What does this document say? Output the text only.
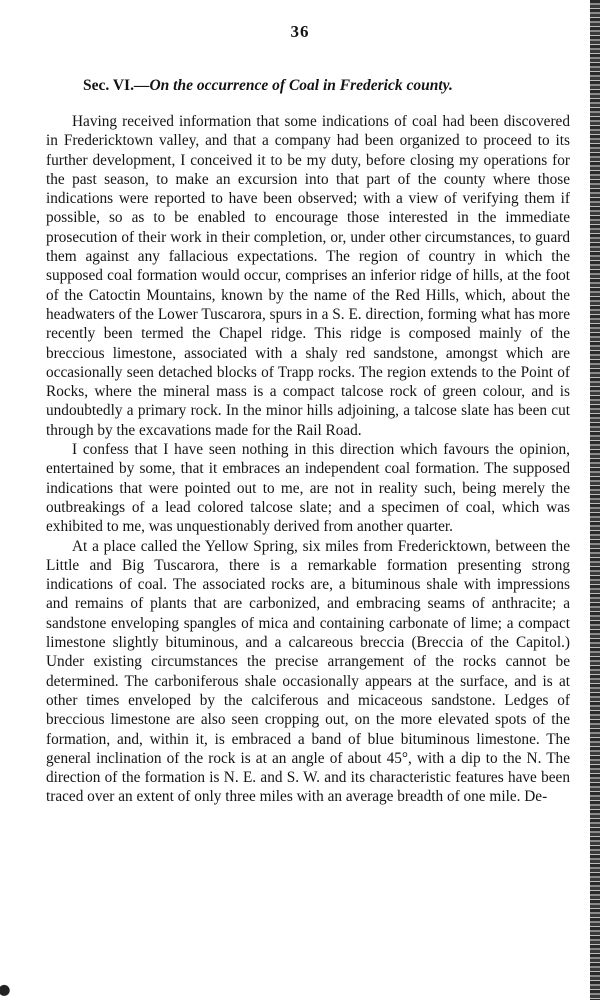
36
Sec. VI.—On the occurrence of Coal in Frederick county.

Having received information that some indications of coal had been discovered in Fredericktown valley, and that a company had been organized to proceed to its further development, I conceived it to be my duty, before closing my operations for the past season, to make an excursion into that part of the county where those indications were reported to have been observed; with a view of verifying them if possible, so as to be enabled to encourage those interested in the immediate prosecution of their work in their completion, or, under other circumstances, to guard them against any fallacious expectations. The region of country in which the supposed coal formation would occur, comprises an inferior ridge of hills, at the foot of the Catoctin Mountains, known by the name of the Red Hills, which, about the headwaters of the Lower Tuscarora, spurs in a S. E. direction, forming what has more recently been termed the Chapel ridge. This ridge is composed mainly of the breccious limestone, associated with a shaly red sandstone, amongst which are occasionally seen detached blocks of Trapp rocks. The region extends to the Point of Rocks, where the mineral mass is a compact talcose rock of green colour, and is undoubtedly a primary rock. In the minor hills adjoining, a talcose slate has been cut through by the excavations made for the Rail Road.

I confess that I have seen nothing in this direction which favours the opinion, entertained by some, that it embraces an independent coal formation. The supposed indications that were pointed out to me, are not in reality such, being merely the outbreakings of a lead colored talcose slate; and a specimen of coal, which was exhibited to me, was unquestionably derived from another quarter.

At a place called the Yellow Spring, six miles from Fredericktown, between the Little and Big Tuscarora, there is a remarkable formation presenting strong indications of coal. The associated rocks are, a bituminous shale with impressions and remains of plants that are carbonized, and embracing seams of anthracite; a sandstone enveloping spangles of mica and containing carbonate of lime; a compact limestone slightly bituminous, and a calcareous breccia (Breccia of the Capitol.) Under existing circumstances the precise arrangement of the rocks cannot be determined. The carboniferous shale occasionally appears at the surface, and is at other times enveloped by the calciferous and micaceous sandstone. Ledges of breccious limestone are also seen cropping out, on the more elevated spots of the formation, and, within it, is embraced a band of blue bituminous limestone. The general inclination of the rock is at an angle of about 45°, with a dip to the N. The direction of the formation is N. E. and S. W. and its characteristic features have been traced over an extent of only three miles with an average breadth of one mile. De-
